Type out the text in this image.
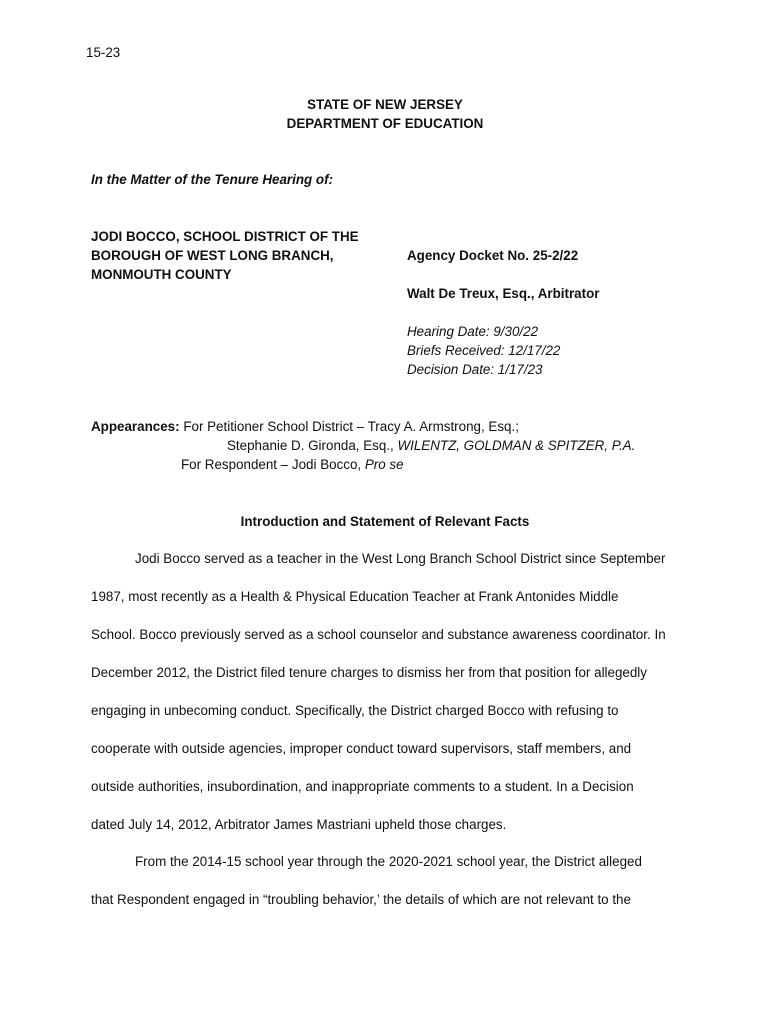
15-23
STATE OF NEW JERSEY
DEPARTMENT OF EDUCATION
In the Matter of the Tenure Hearing of:
JODI BOCCO, SCHOOL DISTRICT OF THE
BOROUGH OF WEST LONG BRANCH,
MONMOUTH COUNTY
Agency Docket No. 25-2/22
Walt De Treux, Esq., Arbitrator
Hearing Date: 9/30/22
Briefs Received: 12/17/22
Decision Date: 1/17/23
Appearances: For Petitioner School District – Tracy A. Armstrong, Esq.;
Stephanie D. Gironda, Esq., WILENTZ, GOLDMAN & SPITZER, P.A.
For Respondent – Jodi Bocco, Pro se
Introduction and Statement of Relevant Facts
Jodi Bocco served as a teacher in the West Long Branch School District since September
1987, most recently as a Health & Physical Education Teacher at Frank Antonides Middle
School. Bocco previously served as a school counselor and substance awareness coordinator. In
December 2012, the District filed tenure charges to dismiss her from that position for allegedly
engaging in unbecoming conduct. Specifically, the District charged Bocco with refusing to
cooperate with outside agencies, improper conduct toward supervisors, staff members, and
outside authorities, insubordination, and inappropriate comments to a student. In a Decision
dated July 14, 2012, Arbitrator James Mastriani upheld those charges.
From the 2014-15 school year through the 2020-2021 school year, the District alleged
that Respondent engaged in “troubling behavior,’ the details of which are not relevant to the
